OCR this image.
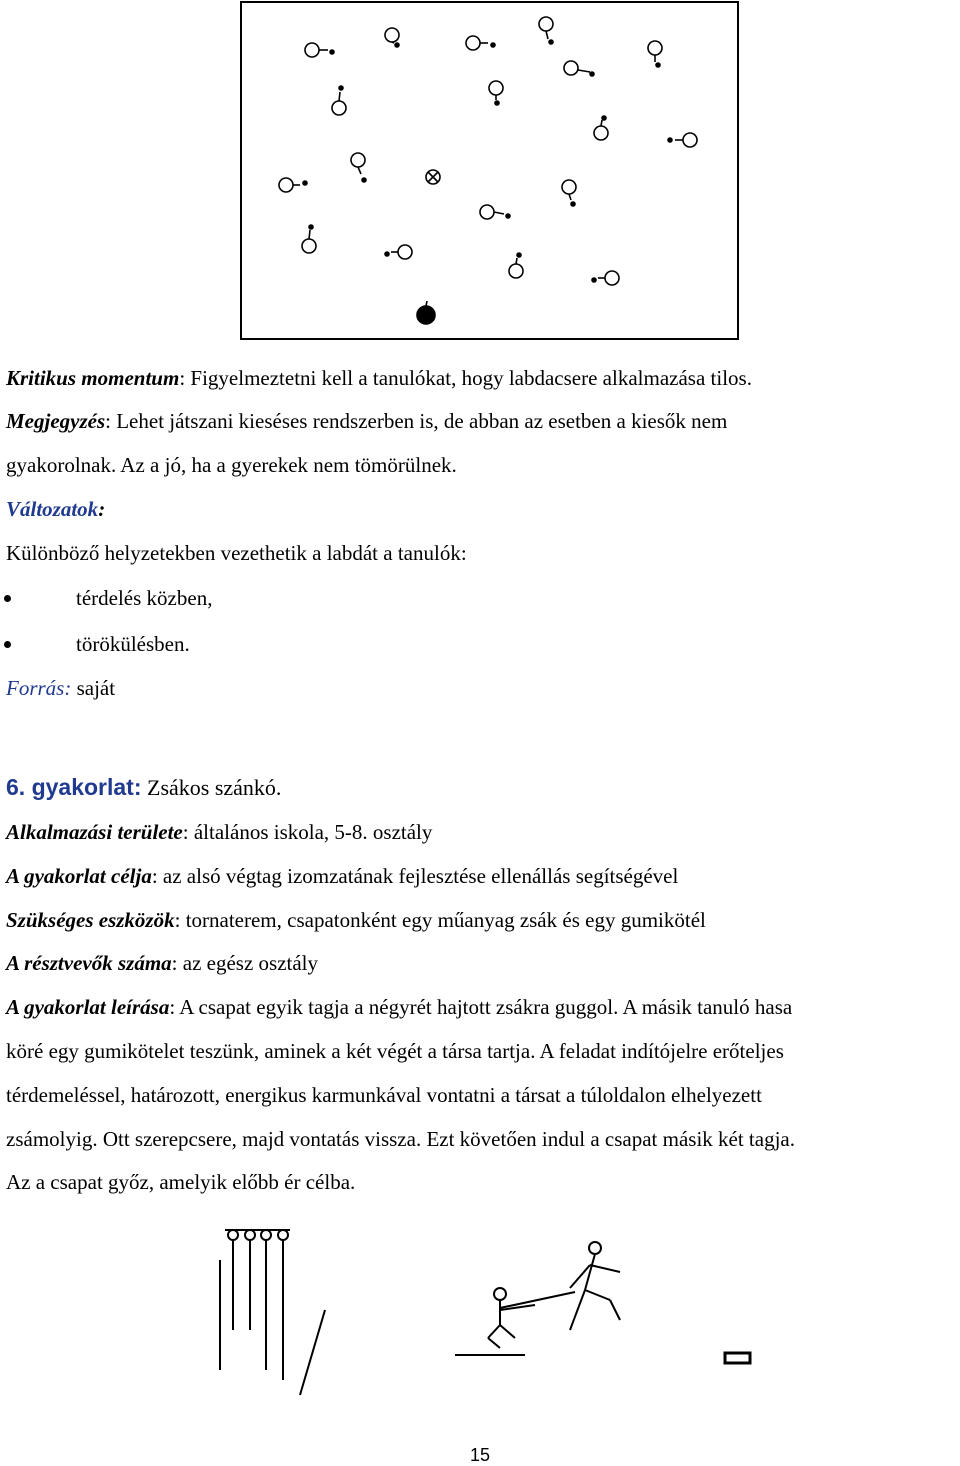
Kritikus momentum: Figyelmeztetni kell a tanulókat, hogy labdacsere alkalmazása tilos.
Megjegyzés: Lehet játszani kieséses rendszerben is, de abban az esetben a kiesők nem
gyakorolnak. Az a jó, ha a gyerekek nem tömörülnek.
Változatok:
Különböző helyzetekben vezethetik a labdát a tanulók:
térdelés közben,
törökülésben.
Forrás: saját
6. gyakorlat: Zsákos szánkó.
Alkalmazási területe: általános iskola, 5-8. osztály
A gyakorlat célja: az alsó végtag izomzatának fejlesztése ellenállás segítségével
Szükséges eszközök: tornaterem, csapatonként egy műanyag zsák és egy gumikötél
A résztvevők száma: az egész osztály
A gyakorlat leírása: A csapat egyik tagja a négyrét hajtott zsákra guggol. A másik tanuló hasa
köré egy gumikötelet teszünk, aminek a két végét a társa tartja. A feladat indítójelre erőteljes
térdemeléssel, határozott, energikus karmunkával vontatni a társat a túloldalon elhelyezett
zsámolyig. Ott szerepcsere, majd vontatás vissza. Ezt követően indul a csapat másik két tagja.
Az a csapat győz, amelyik előbb ér célba.
15
